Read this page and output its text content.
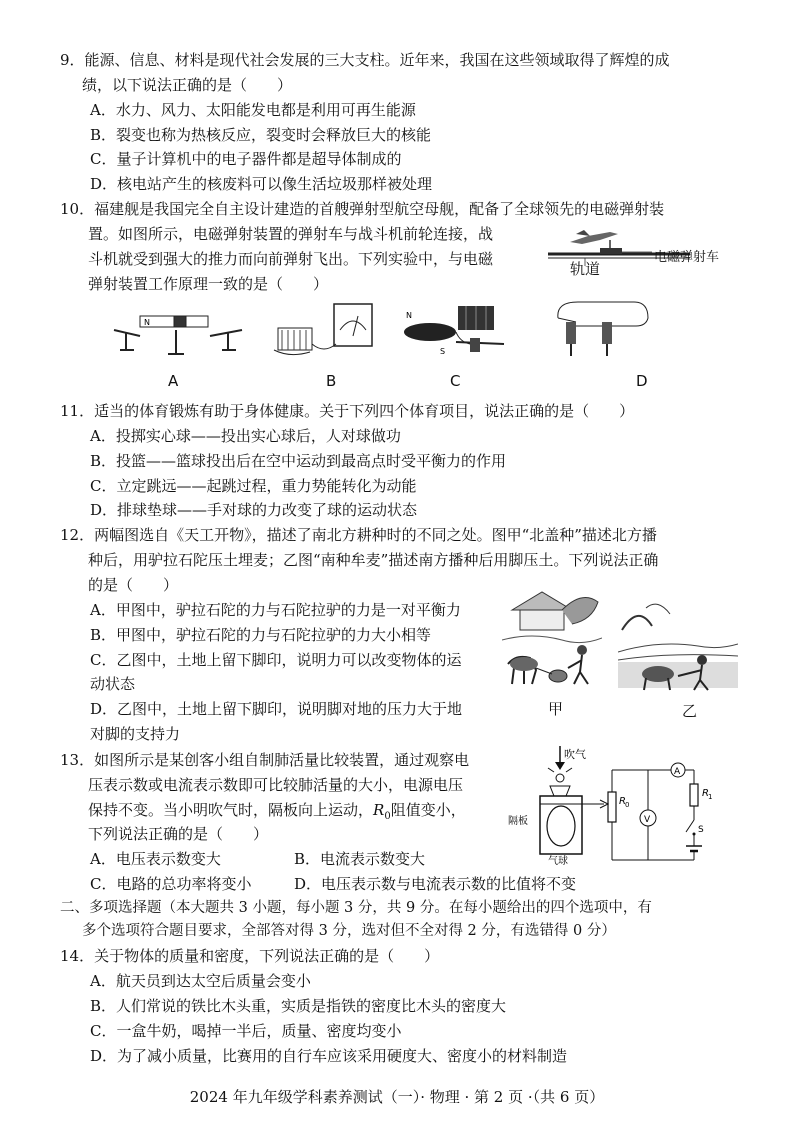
9．能源、信息、材料是现代社会发展的三大支柱。近年来，我国在这些领域取得了辉煌的成
绩，以下说法正确的是（　　）
A．水力、风力、太阳能发电都是利用可再生能源
B．裂变也称为热核反应，裂变时会释放巨大的核能
C．量子计算机中的电子器件都是超导体制成的
D．核电站产生的核废料可以像生活垃圾那样被处理
10．福建舰是我国完全自主设计建造的首艘弹射型航空母舰，配备了全球领先的电磁弹射装
置。如图所示，电磁弹射装置的弹射车与战斗机前轮连接，战
斗机就受到强大的推力而向前弹射飞出。下列实验中，与电磁
弹射装置工作原理一致的是（　　）
轨道
电磁弹射车
N	S
N
S
A	B	C	D
11．适当的体育锻炼有助于身体健康。关于下列四个体育项目，说法正确的是（　　）
A．投掷实心球——投出实心球后，人对球做功
B．投篮——篮球投出后在空中运动到最高点时受平衡力的作用
C．立定跳远——起跳过程，重力势能转化为动能
D．排球垫球——手对球的力改变了球的运动状态
12．两幅图选自《天工开物》，描述了南北方耕种时的不同之处。图甲“北盖种”描述北方播
种后，用驴拉石陀压土埋麦；乙图“南种牟麦”描述南方播种后用脚压土。下列说法正确
的是（　　）
A．甲图中，驴拉石陀的力与石陀拉驴的力是一对平衡力
B．甲图中，驴拉石陀的力与石陀拉驴的力大小相等
C．乙图中，土地上留下脚印，说明力可以改变物体的运
动状态
D．乙图中，土地上留下脚印，说明脚对地的压力大于地
对脚的支持力
甲	乙
13．如图所示是某创客小组自制肺活量比较装置，通过观察电
压表示数或电流表示数即可比较肺活量的大小，电源电压
保持不变。当小明吹气时，隔板向上运动，$R_0$阻值变小，
下列说法正确的是（　　）
A．电压表示数变大	B．电流表示数变大
C．电路的总功率将变小	D．电压表示数与电流表示数的比值将不变
吹气
隔板
气球
R 0
V
A
R 1
S
二、多项选择题（本大题共 3 小题，每小题 3 分，共 9 分。在每小题给出的四个选项中，有
多个选项符合题目要求，全部答对得 3 分，选对但不全对得 2 分，有选错得 0 分）
14．关于物体的质量和密度，下列说法正确的是（　　）
A．航天员到达太空后质量会变小
B．人们常说的铁比木头重，实质是指铁的密度比木头的密度大
C．一盒牛奶，喝掉一半后，质量、密度均变小
D．为了减小质量，比赛用的自行车应该采用硬度大、密度小的材料制造
2024 年九年级学科素养测试（一）· 物理 · 第 2 页 ·（共 6 页）
